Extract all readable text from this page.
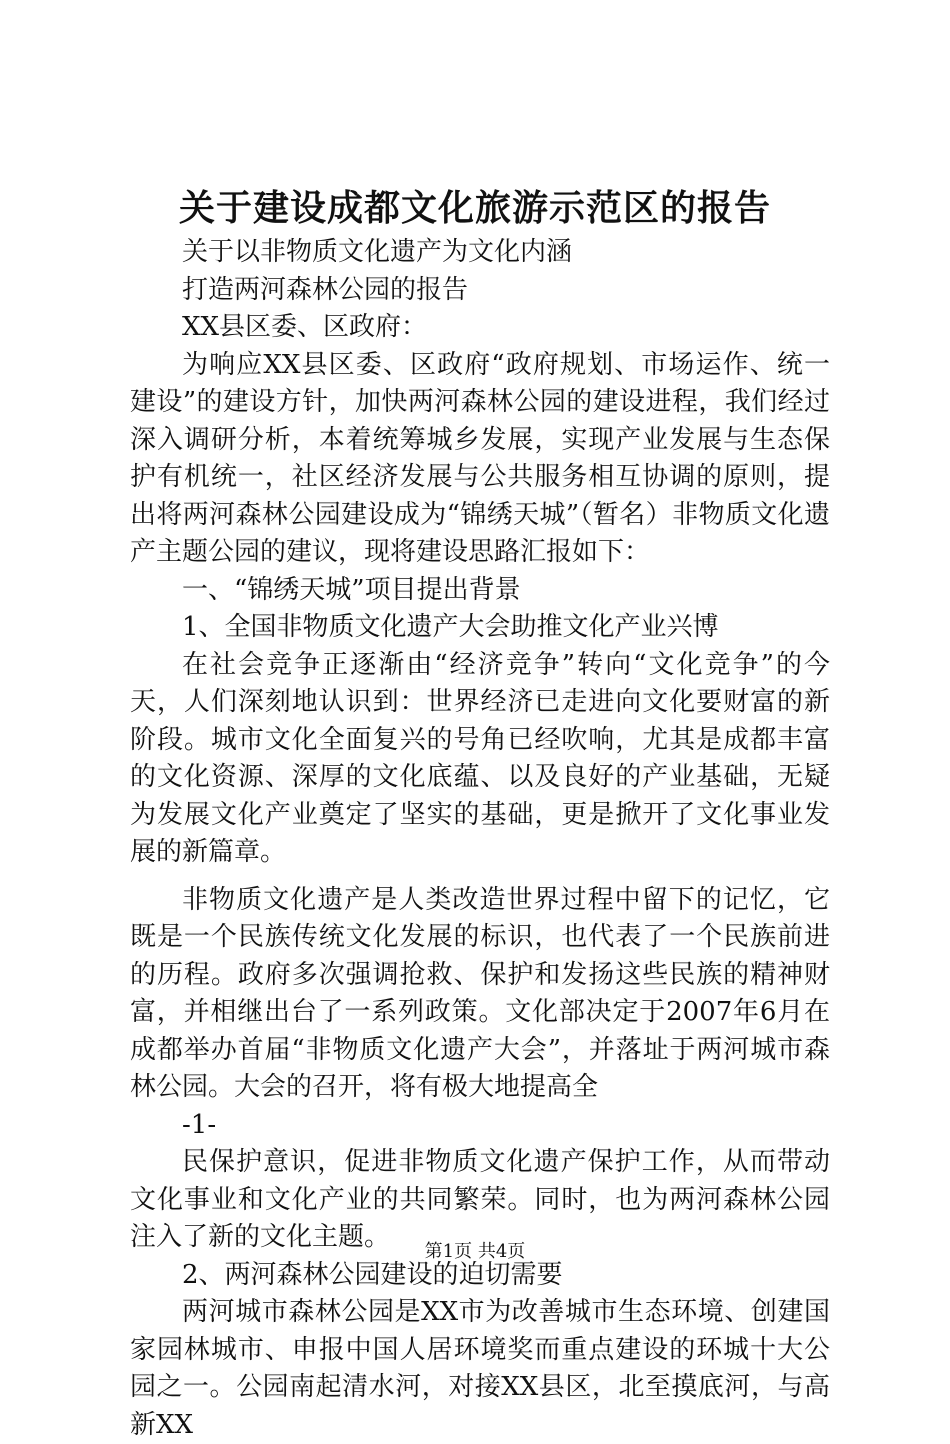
关于建设成都文化旅游示范区的报告

关于以非物质文化遗产为文化内涵

打造两河森林公园的报告

XX县区委、区政府：

为响应XX县区委、区政府“政府规划、市场运作、统一建设”的建设方针，加快两河森林公园的建设进程，我们经过深入调研分析，本着统筹城乡发展，实现产业发展与生态保护有机统一，社区经济发展与公共服务相互协调的原则，提出将两河森林公园建设成为“锦绣天城”（暂名）非物质文化遗产主题公园的建议，现将建设思路汇报如下：

一、“锦绣天城”项目提出背景

1、全国非物质文化遗产大会助推文化产业兴博

在社会竞争正逐渐由“经济竞争”转向“文化竞争”的今天，人们深刻地认识到：世界经济已走进向文化要财富的新阶段。城市文化全面复兴的号角已经吹响，尤其是成都丰富的文化资源、深厚的文化底蕴、以及良好的产业基础，无疑为发展文化产业奠定了坚实的基础，更是掀开了文化事业发展的新篇章。

非物质文化遗产是人类改造世界过程中留下的记忆，它既是一个民族传统文化发展的标识，也代表了一个民族前进的历程。政府多次强调抢救、保护和发扬这些民族的精神财富，并相继出台了一系列政策。文化部决定于2007年6月在成都举办首届“非物质文化遗产大会”，并落址于两河城市森林公园。大会的召开，将有极大地提高全

-1-

民保护意识，促进非物质文化遗产保护工作，从而带动文化事业和文化产业的共同繁荣。同时，也为两河森林公园注入了新的文化主题。

2、两河森林公园建设的迫切需要

两河城市森林公园是XX市为改善城市生态环境、创建国家园林城市、申报中国人居环境奖而重点建设的环城十大公园之一。公园南起清水河，对接XX县区，北至摸底河，与高新XX

第1页 共4页
